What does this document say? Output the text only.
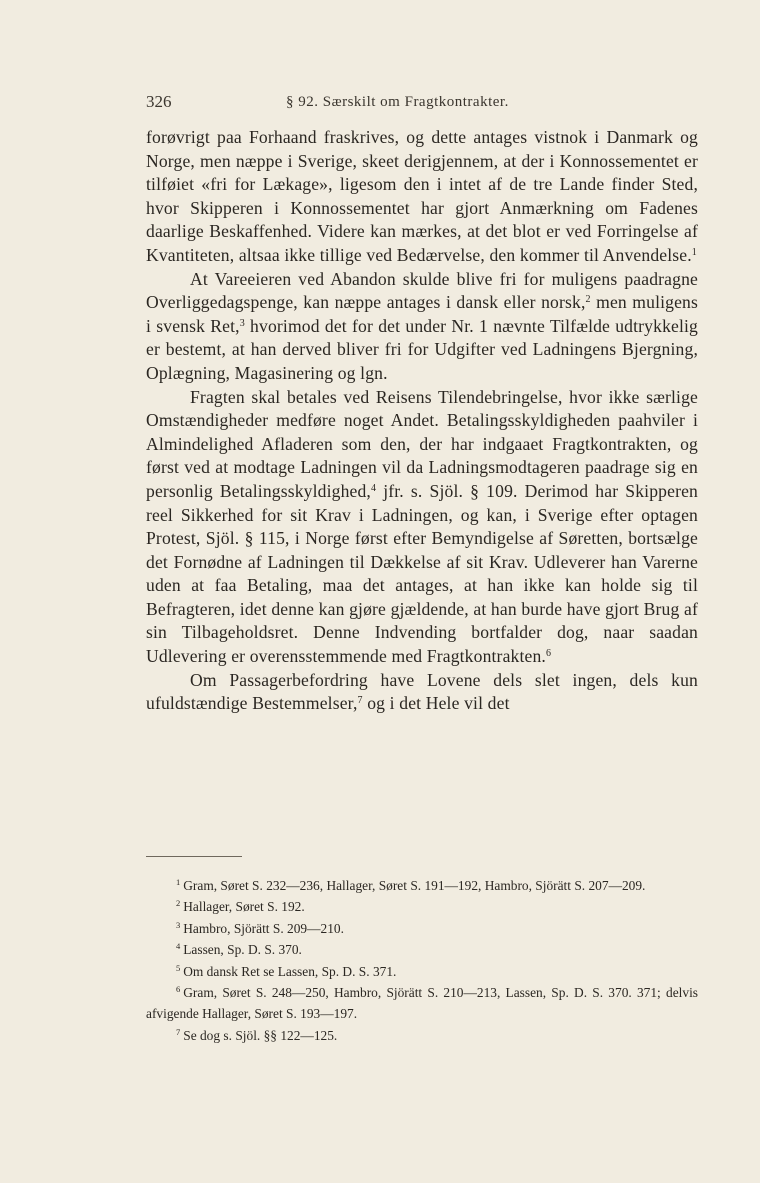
326	§ 92. Særskilt om Fragtkontrakter.

forøvrigt paa Forhaand fraskrives, og dette antages vistnok i Danmark og Norge, men næppe i Sverige, skeet derigjennem, at der i Konnossementet er tilføiet «fri for Lækage», ligesom den i intet af de tre Lande finder Sted, hvor Skipperen i Konnossementet har gjort Anmærkning om Fadenes daarlige Beskaffenhed. Videre kan mærkes, at det blot er ved Forringelse af Kvantiteten, altsaa ikke tillige ved Bedærvelse, den kommer til Anvendelse.$^1$

At Vareeieren ved Abandon skulde blive fri for muligens paadragne Overliggedagspenge, kan næppe antages i dansk eller norsk,$^2$ men muligens i svensk Ret,$^3$ hvorimod det for det under Nr. 1 nævnte Tilfælde udtrykkelig er bestemt, at han derved bliver fri for Udgifter ved Ladningens Bjergning, Oplægning, Magasinering og lgn.

Fragten skal betales ved Reisens Tilendebringelse, hvor ikke særlige Omstændigheder medføre noget Andet. Betalingsskyldigheden paahviler i Almindelighed Afladeren som den, der har indgaaet Fragtkontrakten, og først ved at modtage Ladningen vil da Ladningsmodtageren paadrage sig en personlig Betalingsskyldighed,$^4$ jfr. s. Sjöl. § 109. Derimod har Skipperen reel Sikkerhed for sit Krav i Ladningen, og kan, i Sverige efter optagen Protest, Sjöl. § 115, i Norge først efter Bemyndigelse af Søretten, bortsælge det Fornødne af Ladningen til Dækkelse af sit Krav. Udleverer han Varerne uden at faa Betaling, maa det antages, at han ikke kan holde sig til Befragteren, idet denne kan gjøre gjældende, at han burde have gjort Brug af sin Tilbageholdsret. Denne Indvending bortfalder dog, naar saadan Udlevering er overensstemmende med Fragtkontrakten.$^6$

Om Passagerbefordring have Lovene dels slet ingen, dels kun ufuldstændige Bestemmelser,$^7$ og i det Hele vil det

$^1$ Gram, Søret S. 232—236, Hallager, Søret S. 191—192, Hambro, Sjörätt S. 207—209.

$^2$ Hallager, Søret S. 192.

$^3$ Hambro, Sjörätt S. 209—210.

$^4$ Lassen, Sp. D. S. 370.

$^5$ Om dansk Ret se Lassen, Sp. D. S. 371.

$^6$ Gram, Søret S. 248—250, Hambro, Sjörätt S. 210—213, Lassen, Sp. D. S. 370. 371; delvis afvigende Hallager, Søret S. 193—197.

$^7$ Se dog s. Sjöl. §§ 122—125.
